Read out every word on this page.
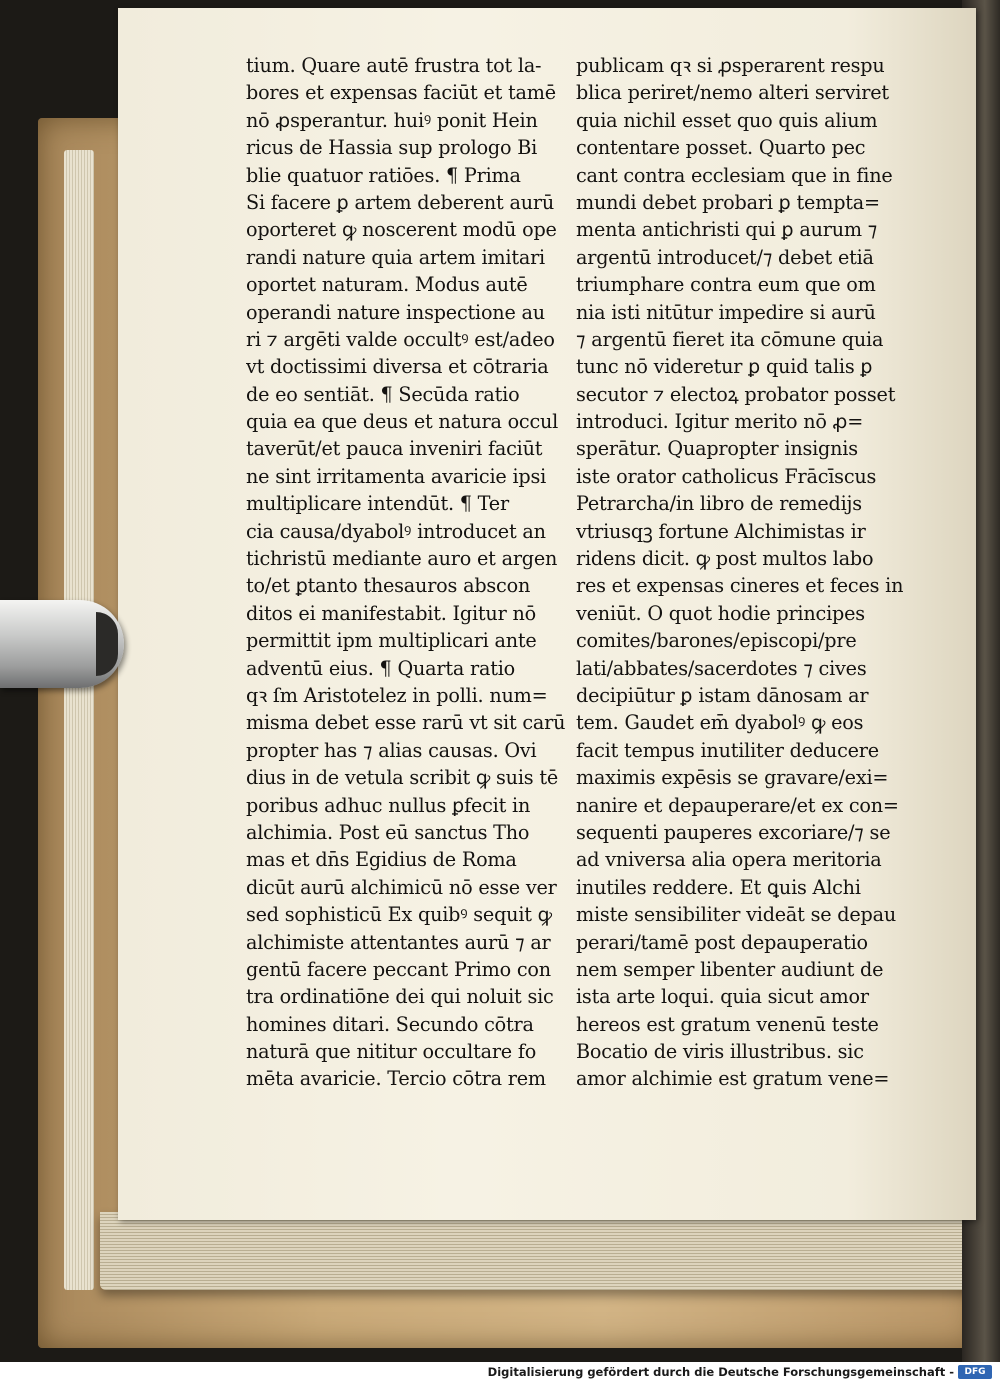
tium. Quare autē frustra tot la-
bores et expensas faciūt et tamē
nō ꝓsperantur. huiꝰ ponit Hein
ricus de Hassia sup prologo Bi
blie quatuor ratiōes. ¶ Prima
Si facere ꝑ artem deberent aurū
oporteret ꝙ noscerent modū ope
randi nature quia artem imitari
oportet naturam. Modus autē
operandi nature inspectione au
ri ⁊ argēti valde occultꝰ est/adeo
vt doctissimi diversa et cōtraria
de eo sentiāt. ¶ Secūda ratio
quia ea que deus et natura occul
taverūt/et pauca inveniri faciūt
ne sint irritamenta avaricie ipsi
multiplicare intendūt. ¶ Ter
cia causa/dyabolꝰ introducet an
tichristū mediante auro et argen
to/et ꝑtanto thesauros abscon
ditos ei manifestabit. Igitur nō
permittit ipm multiplicari ante
adventū eius. ¶ Quarta ratio
qꝛ ſm Aristotelez in polli. num=
misma debet esse rarū vt sit carū
propter has ⁊ alias causas. Ovi
dius in de vetula scribit ꝙ suis tē
poribus adhuc nullus ꝑfecit in
alchimia. Post eū sanctus Tho
mas et dn̄s Egidius de Roma
dicūt aurū alchimicū nō esse ver
sed sophisticū Ex quibꝰ sequit ꝙ
alchimiste attentantes aurū ⁊ ar
gentū facere peccant Primo con
tra ordinatiōne dei qui noluit sic
homines ditari. Secundo cōtra
naturā que nititur occultare fo
mēta avaricie. Tercio cōtra rem
publicam qꝛ si ꝓsperarent respu
blica periret/nemo alteri serviret
quia nichil esset quo quis alium
contentare posset. Quarto pec
cant contra ecclesiam que in fine
mundi debet probari ꝑ tempta=
menta antichristi qui ꝑ aurum ⁊
argentū introducet/⁊ debet etiā
triumphare contra eum que om
nia isti nitūtur impedire si aurū
⁊ argentū fieret ita cōmune quia
tunc nō videretur ꝑ quid talis ꝑ
secutor ⁊ electoꝝ probator posset
introduci. Igitur merito nō ꝓ=
sperātur. Quapropter insignis
iste orator catholicus Frācīscus
Petrarcha/in libro de remedijs
vtriusqꝫ fortune Alchimistas ir
ridens dicit. ꝙ post multos labo
res et expensas cineres et feces in
veniūt. O quot hodie principes
comites/barones/episcopi/pre
lati/abbates/sacerdotes ⁊ cives
decipiūtur ꝑ istam dānosam ar
tem. Gaudet em̄ dyabolꝰ ꝙ eos
facit tempus inutiliter deducere
maximis expēsis se gravare/exi=
nanire et depauperare/et ex con=
sequenti pauperes excoriare/⁊ se
ad vniversa alia opera meritoria
inutiles reddere. Et ꝗuis Alchi
miste sensibiliter videāt se depau
perari/tamē post depauperatio
nem semper libenter audiunt de
ista arte loqui. quia sicut amor
hereos est gratum venenū teste
Bocatio de viris illustribus. sic
amor alchimie est gratum vene=
Digitalisierung gefördert durch die Deutsche Forschungsgemeinschaft -	DFG
